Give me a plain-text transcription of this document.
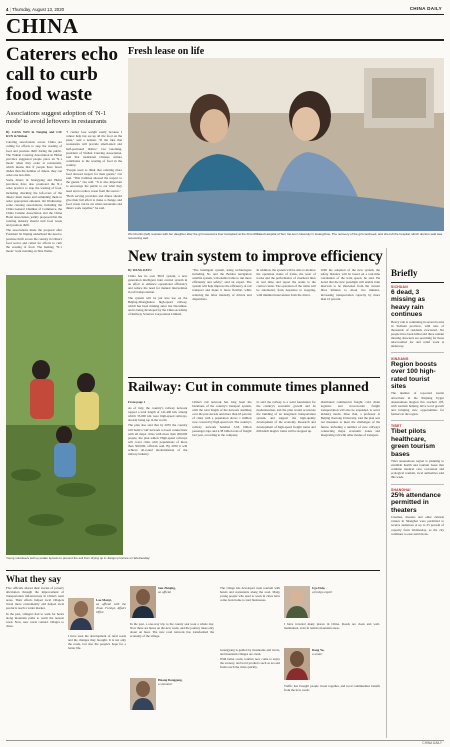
4 | Thursday, August 13, 2020	CHINA DAILY
CHINA
Caterers echo call to curb food waste
Associations suggest adoption of 'N-1 mode' to avoid leftovers in restaurants
By CANG WEI in Nanjing and LIU KUN in Wuhan
Catering associations across China are calling for efforts to stop the wasting of food and promote thrift during the public. The Wuhan Catering Association in Hubei province suggested people place an 'N-1 mode' when they order at restaurants, which means that if people have fewer dishes than the number of diners, they can order one less dish.
Some diners in Xiangyang and Hubei provinces have also promoted the N-1 order practice to stop the wasting of food, including checking the left-overs of the diners' main meals and reminding them to order appropriate amounts. On Wednesday, some catering associations, including the China General Chamber of Commerce, the China Cuisine Association and the China Hotel Association, jointly proposed that the catering industry should curb food waste and promote thrift.
The associations made the proposal after President Xi Jinping underlined the need to promote thrift across the country in China's food sector and called for efforts to curb the wasting of food. The hashtag "N-1 mode" went trending on Sina Weibo.
"I cannot lose weight easily because I cannot help but eat up all the food on the plate," said a netizen. "If the idea that restaurants will provide small-sized and half-portioned dishes," Liu Guoliang, president of Wuhan Catering Association, said that traditional Chinese culture contributes to the wasting of food in the country.
"People used to think that ordering more food showed respect for their guests," Liu said. "That tradition showed the respect to the guests." Liu said. "It is also important to encourage the public to eat what they need and to reduce waste from the source."
"Both serving providers and diners should give their full effort to make a change, and food waste can be cut when restaurants and diners work together," he said.
Fresh lease on life
Wu Chunlin (left) reunites with her daughter after the girl received a liver transplant at the First Affiliated Hospital of Sun Yat-sen University in Guangzhou. The recovery of the girl continued, and she left the hospital, which doctors said was recovering well.
New train system to improve efficiency
By WANG KEJU
China has its own 'Bird' system, a new generation intelligent train control system in an effort to enhance operational efficiency and reduce the need for manual intervention in rail transportation.
The system will be put into use on the Beijing-Zhangjiakou high-speed railway, which has been running since last December, and is being developed by the China Academy of Railway Sciences Corporation Limited.
"The intelligent system, using technologies including 5G and the Beidou navigation satellite system, will enable trains to run more efficiently and safely," said an expert. The system will help improve the efficiency of rail transport and make it more flexible, while reducing the labor intensity of drivers and dispatchers.
In addition, the system will be able to monitor the operation status of trains, the wear of tracks and the performance of overhead lines in real time, and report the status to the control center. The operation of the trains will be automated, from departure to stopping, with minimal intervention from the driver.
With the adoption of the new system, the safety distance will be based on a real-time calculation of the train speed, he said. He noted that the new paradigm will enable train intervals to be shortened from the current three minutes to about two minutes, increasing transportation capacity by more than 10 percent.
Railway: Cut in commute times planned
From page 1
As of July, the country's railway network topped a total length of 141,400 km, among which 35,000 km were high-speed railways, already being top in the world.
The plan also said that by 2035 the country will build a 'rail' network to boost connections with all major cities with more than 200,000 people, the plan added. High-speed railways will cover cities with populations of more than 500,000, officials said. By 2050 it will achieve all-round modernization of the railway industry.
China's rail network has long been the backbone of the country's transport system, with the total length of the network doubling over the past decade and more than 95 percent of cities with a population above 1 million now covered by high-speed rail. The country's railway network handled 3.66 billion passenger trips and 4.38 billion tons of freight last year, according to the company.
Li said the railway is a solid foundation for the country's economic growth and its modernization, and the plan would accelerate the building of an integrated transportation system, and support the high-quality development of the economy. Research and development of high-speed freight trains and 600-km/h maglev trains will be stepped up.
distributed commercial freight, cold chain logistics and cross-border freight transportation will also be expanded, to serve industry needs. Zhao Jian, a professor at Beijing Jiaotong University, said the plan sets out measures to meet the challenges of the future, including a number of new railways connecting major economic zones and integrating rail with other modes of transport.
Young volunteers pull up potato sprouts to prevent the soil from drying up in Jiangxi province on Wednesday.
Briefly
SICHUAN
6 dead, 3 missing as heavy rain continues
Heavy rain is continuing in several towns in Sichuan province, with tens of thousands of residents evacuated. Six people have been killed and three remain missing. Rescuers are searching for those unaccounted for and relief work is underway.
XINJIANG
Region boosts over 100 high-rated tourist sites
The number of top-rated tourist attractions in the Xinjiang Uygur Autonomous Region has reached 103, with tourism helping drive local growth and bringing new opportunities for farmers in the region.
TIBET
Tibet pilots healthcare, green tourism bases
Tibet autonomous region is planning to establish health and tourism bases that combine medical care, recreation and ecological tourism, local authorities said this week.
SHANGHAI
25% attendance permitted in theaters
Cinemas, theaters and other cultural venues in Shanghai were permitted to receive audiences at up to 25 percent of capacity from Wednesday, as the city continues to ease restrictions.
What they say
Five officials shared their stories of poverty alleviation through the improvement of transportation infrastructure in China's rural areas. Their efforts helped local villagers travel more conveniently and helped local products reach a wider market.
In the past, villagers had to walk for hours along mountain paths to reach the nearest town. Now, new roads connect villages to cities.
Lao Manyi,
an official with the Jinan Foreign Affairs Office
I have seen the development of rural roads and the changes they brought. It is not only the roads, but also the people's hope for a better life.
Sun Zhiqing,
an official
In the past, a one-way trip to the county seat took a whole day. Now there are buses on the new roads, and the journey takes only about an hour. The new road network has transformed the economy of the village.
The village has developed rural tourism with hotels and restaurants along the road. Many young people who used to work in cities have come back home to start businesses.
Ugo Fida,
a foreign expert
I have traveled many places in China. Roads are clean and well-maintained, even in remote mountain areas.
Dang Ya,
a senior
Huang Donggeng,
a volunteer
Guangyang is guided by mountains and rivers, and mountain villages are clean.
With better roads, tourists now come to enjoy the scenery, and local products such as tea and fruits reach the cities quickly.
Traffic has brought people closer together, and local communities benefit from the new roads.
CHINA DAILY
